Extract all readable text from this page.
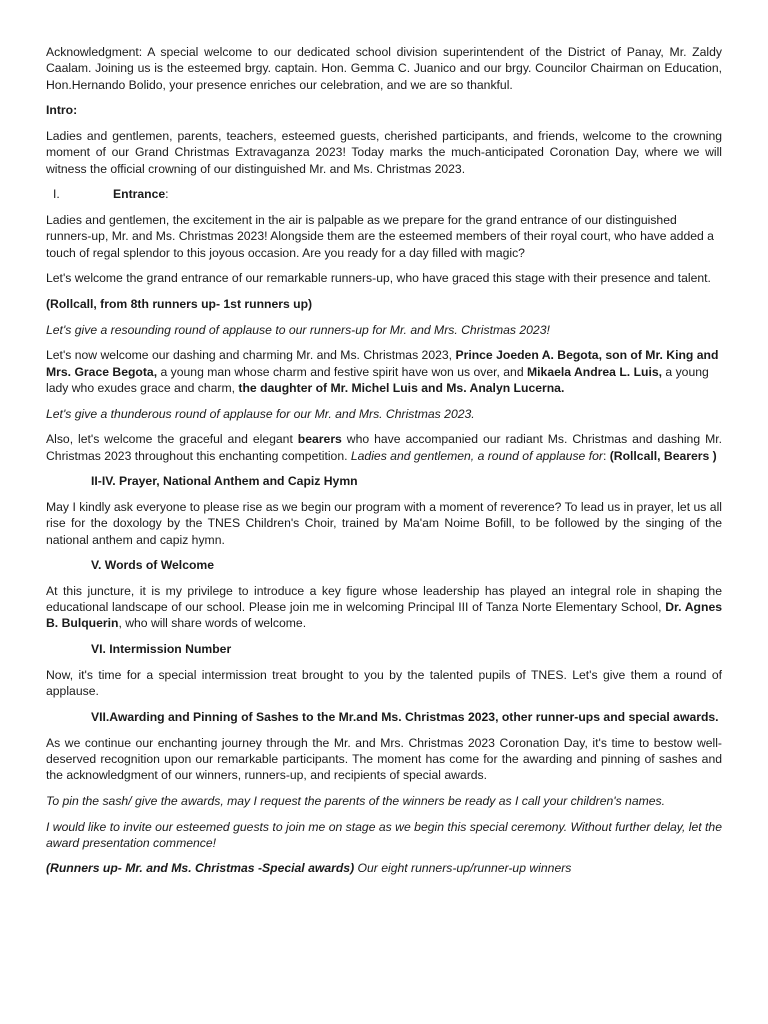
Acknowledgment: A special welcome to our dedicated school division superintendent of the District of Panay, Mr. Zaldy Caalam. Joining us is the esteemed brgy. captain. Hon. Gemma C. Juanico and our brgy. Councilor Chairman on Education, Hon.Hernando Bolido, your presence enriches our celebration, and we are so thankful.

Intro:

Ladies and gentlemen, parents, teachers, esteemed guests, cherished participants, and friends, welcome to the crowning moment of our Grand Christmas Extravaganza 2023! Today marks the much-anticipated Coronation Day, where we will witness the official crowning of our distinguished Mr. and Ms. Christmas 2023.

I.	Entrance:

Ladies and gentlemen, the excitement in the air is palpable as we prepare for the grand entrance of our distinguished runners-up, Mr. and Ms. Christmas 2023! Alongside them are the esteemed members of their royal court, who have added a touch of regal splendor to this joyous occasion. Are you ready for a day filled with magic?

Let's welcome the grand entrance of our remarkable runners-up, who have graced this stage with their presence and talent.

(Rollcall, from 8th runners up- 1st runners up)

Let's give a resounding round of applause to our runners-up for Mr. and Mrs. Christmas 2023!

Let's now welcome our dashing and charming Mr. and Ms. Christmas 2023, Prince Joeden A. Begota, son of Mr. King and Mrs. Grace Begota, a young man whose charm and festive spirit have won us over, and Mikaela Andrea L. Luis, a young lady who exudes grace and charm, the daughter of Mr. Michel Luis and Ms. Analyn Lucerna.

Let's give a thunderous round of applause for our Mr. and Mrs. Christmas 2023.

Also, let's welcome the graceful and elegant bearers who have accompanied our radiant Ms. Christmas and dashing Mr. Christmas 2023 throughout this enchanting competition. Ladies and gentlemen, a round of applause for: (Rollcall, Bearers )

II-IV. Prayer, National Anthem and Capiz Hymn

May I kindly ask everyone to please rise as we begin our program with a moment of reverence? To lead us in prayer, let us all rise for the doxology by the TNES Children's Choir, trained by Ma'am Noime Bofill, to be followed by the singing of the national anthem and capiz hymn.

V. Words of Welcome

At this juncture, it is my privilege to introduce a key figure whose leadership has played an integral role in shaping the educational landscape of our school. Please join me in welcoming Principal III of Tanza Norte Elementary School, Dr. Agnes B. Bulquerin, who will share words of welcome.

VI. Intermission Number

Now, it's time for a special intermission treat brought to you by the talented pupils of TNES. Let's give them a round of applause.

VII.Awarding and Pinning of Sashes to the Mr.and Ms. Christmas 2023, other runner-ups and special awards.

As we continue our enchanting journey through the Mr. and Mrs. Christmas 2023 Coronation Day, it's time to bestow well-deserved recognition upon our remarkable participants. The moment has come for the awarding and pinning of sashes and the acknowledgment of our winners, runners-up, and recipients of special awards.

To pin the sash/ give the awards, may I request the parents of the winners be ready as I call your children's names.

I would like to invite our esteemed guests to join me on stage as we begin this special ceremony. Without further delay, let the award presentation commence!

(Runners up- Mr. and Ms. Christmas -Special awards) Our eight runners-up/runner-up winners
